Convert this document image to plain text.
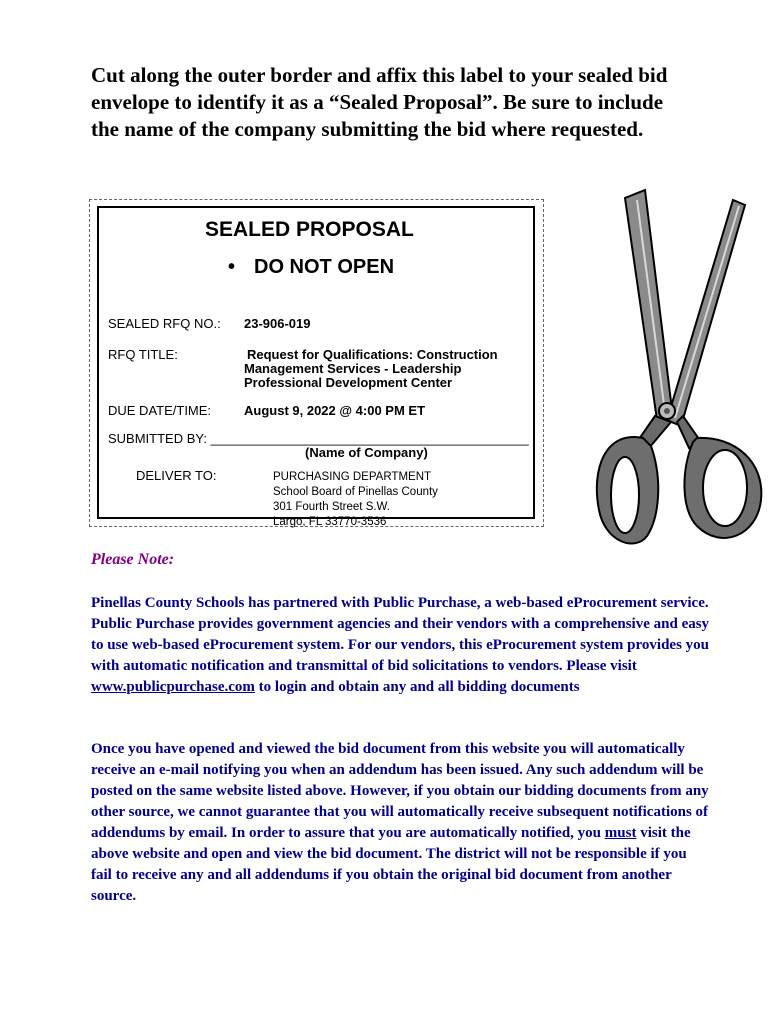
Cut along the outer border and affix this label to your sealed bid envelope to identify it as a “Sealed Proposal”. Be sure to include the name of the company submitting the bid where requested.

SEALED PROPOSAL

• DO NOT OPEN

SEALED RFQ NO.: 23-906-019

RFQ TITLE:	Request for Qualifications: Construction
Management Services - Leadership
Professional Development Center

DUE DATE/TIME:	August 9, 2022 @ 4:00 PM ET

SUBMITTED BY: ____________________________________________

(Name of Company)

DELIVER TO:	PURCHASING DEPARTMENT
School Board of Pinellas County
301 Fourth Street S.W.
Largo, FL 33770-3536

Please Note:

Pinellas County Schools has partnered with Public Purchase, a web-based eProcurement service. Public Purchase provides government agencies and their vendors with a comprehensive and easy to use web-based eProcurement system. For our vendors, this eProcurement system provides you with automatic notification and transmittal of bid solicitations to vendors. Please visit www.publicpurchase.com to login and obtain any and all bidding documents

Once you have opened and viewed the bid document from this website you will automatically receive an e-mail notifying you when an addendum has been issued. Any such addendum will be posted on the same website listed above. However, if you obtain our bidding documents from any other source, we cannot guarantee that you will automatically receive subsequent notifications of addendums by email. In order to assure that you are automatically notified, you must visit the above website and open and view the bid document. The district will not be responsible if you fail to receive any and all addendums if you obtain the original bid document from another source.
